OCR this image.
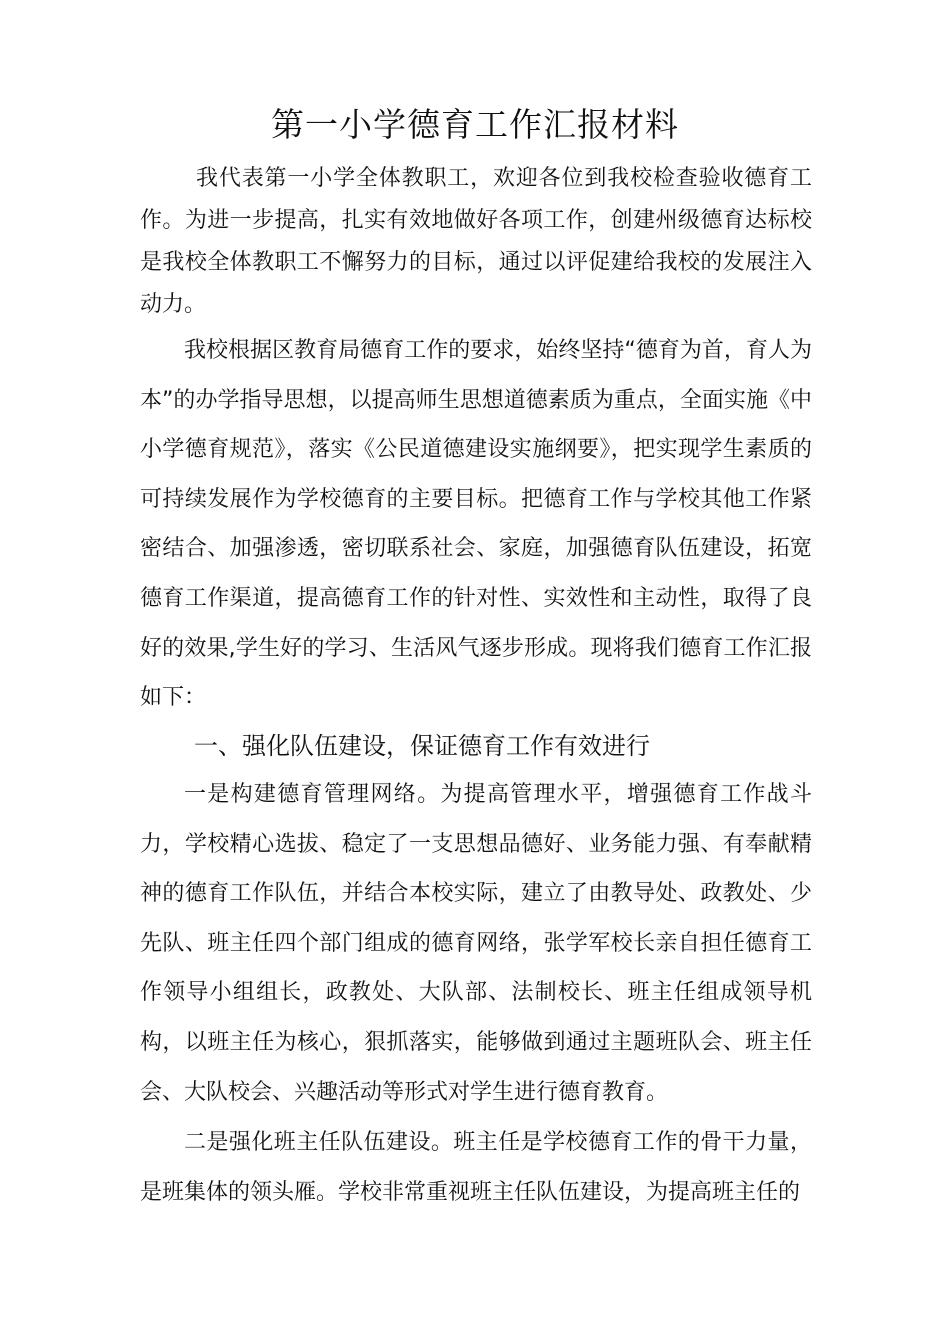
第一小学德育工作汇报材料

我代表第一小学全体教职工，欢迎各位到我校检查验收德育工作。为进一步提高，扎实有效地做好各项工作，创建州级德育达标校是我校全体教职工不懈努力的目标，通过以评促建给我校的发展注入动力。

我校根据区教育局德育工作的要求，始终坚持“德育为首，育人为本”的办学指导思想，以提高师生思想道德素质为重点，全面实施《中小学德育规范》，落实《公民道德建设实施纲要》，把实现学生素质的可持续发展作为学校德育的主要目标。把德育工作与学校其他工作紧密结合、加强渗透，密切联系社会、家庭，加强德育队伍建设，拓宽德育工作渠道，提高德育工作的针对性、实效性和主动性，取得了良好的效果,学生好的学习、生活风气逐步形成。现将我们德育工作汇报如下：

一、强化队伍建设，保证德育工作有效进行

一是构建德育管理网络。为提高管理水平，增强德育工作战斗力，学校精心选拔、稳定了一支思想品德好、业务能力强、有奉献精神的德育工作队伍，并结合本校实际，建立了由教导处、政教处、少先队、班主任四个部门组成的德育网络，张学军校长亲自担任德育工作领导小组组长，政教处、大队部、法制校长、班主任组成领导机构，以班主任为核心，狠抓落实，能够做到通过主题班队会、班主任会、大队校会、兴趣活动等形式对学生进行德育教育。

二是强化班主任队伍建设。班主任是学校德育工作的骨干力量，是班集体的领头雁。学校非常重视班主任队伍建设，为提高班主任的
